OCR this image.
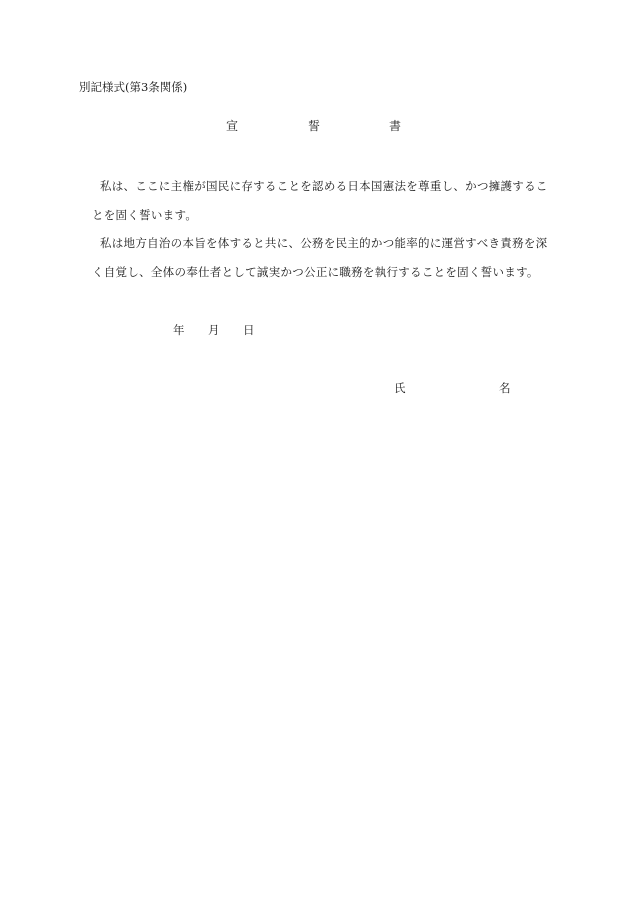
別記様式(第3条関係)
宣	誓	書
私は、ここに主権が国民に存することを認める日本国憲法を尊重し、かつ擁護するこ
とを固く誓います。
私は地方自治の本旨を体すると共に、公務を民主的かつ能率的に運営すべき責務を深
く自覚し、全体の奉仕者として誠実かつ公正に職務を執行することを固く誓います。
年 月 日
氏	名
